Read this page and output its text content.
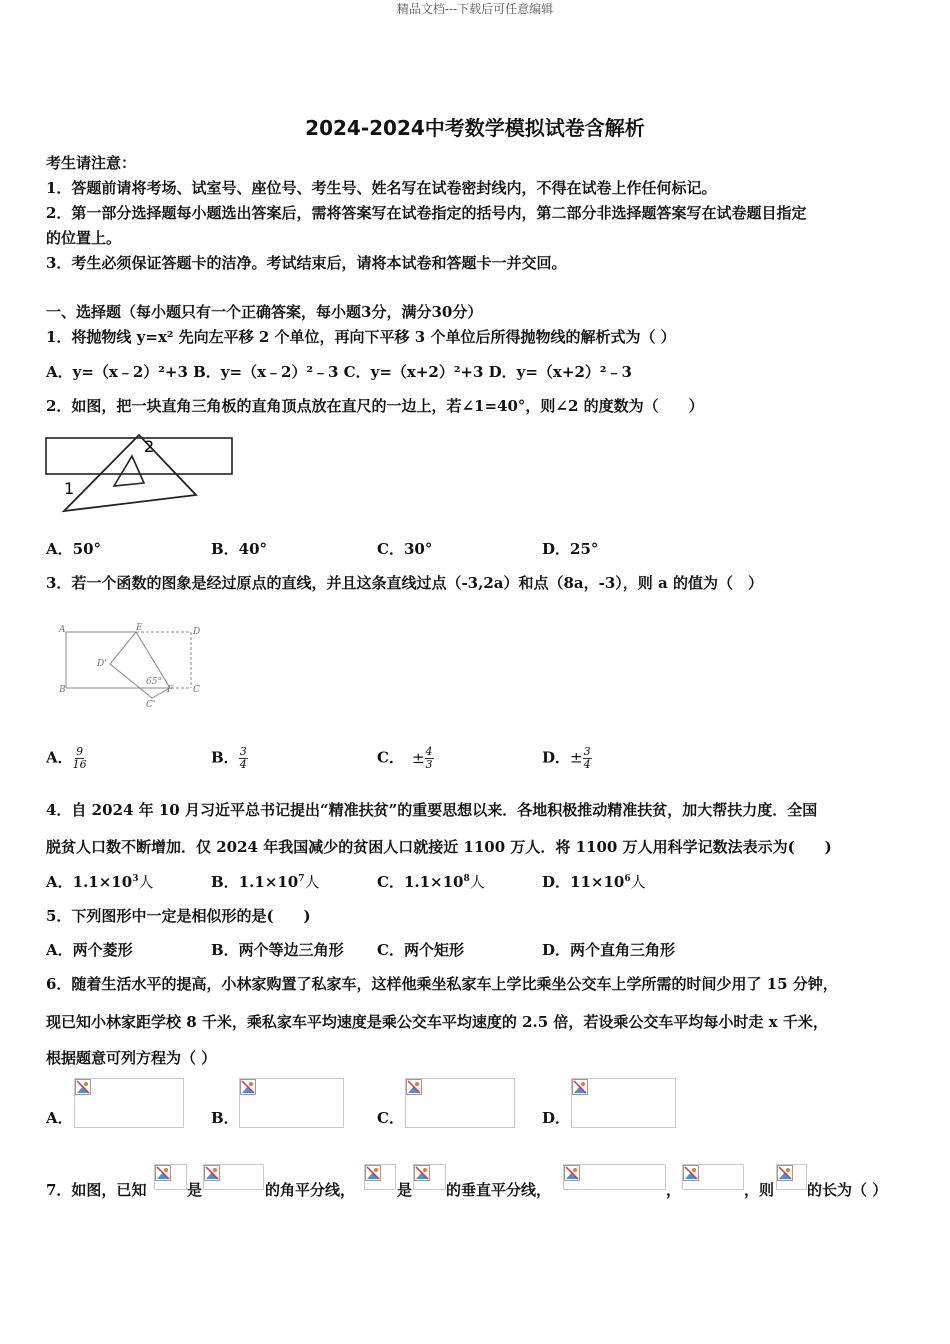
精品文档---下载后可任意编辑
2024-2024中考数学模拟试卷含解析
考生请注意：
1．答题前请将考场、试室号、座位号、考生号、姓名写在试卷密封线内，不得在试卷上作任何标记。
2．第一部分选择题每小题选出答案后，需将答案写在试卷指定的括号内，第二部分非选择题答案写在试卷题目指定
的位置上。
3．考生必须保证答题卡的洁净。考试结束后，请将本试卷和答题卡一并交回。
一、选择题（每小题只有一个正确答案，每小题3分，满分30分）
1．将抛物线 y=x² 先向左平移 2 个单位，再向下平移 3 个单位后所得抛物线的解析式为（ ）
A．y=（x﹣2）²+3 B．y=（x﹣2）²﹣3 C．y=（x+2）²+3 D．y=（x+2）²﹣3
2．如图，把一块直角三角板的直角顶点放在直尺的一边上，若∠1=40°，则∠2 的度数为（　　）
2
1
A．50°	B．40°	C．30°	D．25°
3．若一个函数的图象是经过原点的直线，并且这条直线过点（-3,2a）和点（8a，-3），则 a 的值为（　）
A	E	D
D'
B	F C
C'
65°
A． $\frac{9}{16}$	B． $\frac{3}{4}$	C． ± $\frac{4}{3}$	D．± $\frac{3}{4}$
4．自 2024 年 10 月习近平总书记提出“精准扶贫”的重要思想以来．各地积极推动精准扶贫，加大帮扶力度．全国
脱贫人口数不断增加．仅 2024 年我国减少的贫困人口就接近 1100 万人．将 1100 万人用科学记数法表示为(　　)
A．$1.1\times 10^3$人	B．$1.1\times 10^7$人	C．$1.1\times 10^8$人	D．$11\times 10^6$人
5．下列图形中一定是相似形的是(　　)
A．两个菱形	B．两个等边三角形 C．两个矩形	D．两个直角三角形
6．随着生活水平的提高，小林家购置了私家车，这样他乘坐私家车上学比乘坐公交车上学所需的时间少用了 15 分钟，
现已知小林家距学校 8 千米，乘私家车平均速度是乘公交车平均速度的 2.5 倍，若设乘公交车平均每小时走 x 千米，
根据题意可列方程为（ ）
A．	B．	C．	D．
7．如图，已知	是	的角平分线，	是 的垂直平分线，	，	，则 的长为（ ）
